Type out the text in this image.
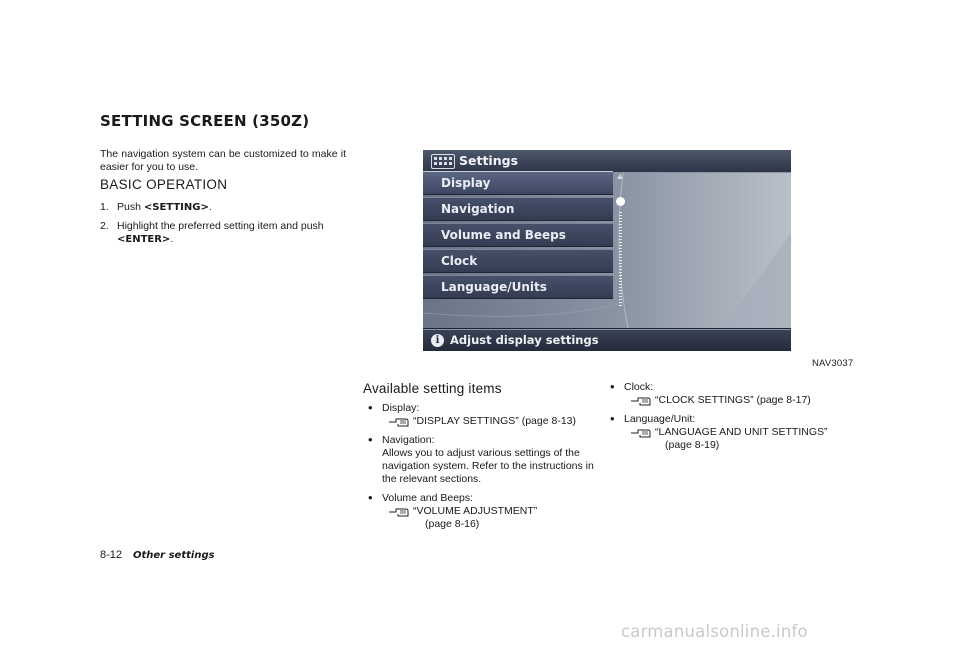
SETTING SCREEN (350Z)
The navigation system can be customized to make it easier for you to use.
BASIC OPERATION
1. Push <SETTING>.
2. Highlight the preferred setting item and push <ENTER>.
Settings
Display
Navigation
Volume and Beeps
Clock
Language/Units
i Adjust display settings
NAV3037
Available setting items
• Display:
“DISPLAY SETTINGS” (page 8-13)
• Navigation:
Allows you to adjust various settings of the navigation system. Refer to the instructions in the relevant sections.
• Volume and Beeps:
“VOLUME ADJUSTMENT”
(page 8-16)
• Clock:
“CLOCK SETTINGS” (page 8-17)
• Language/Unit:
“LANGUAGE AND UNIT SETTINGS”
(page 8-19)
8-12 Other settings
carmanualsonline.info
